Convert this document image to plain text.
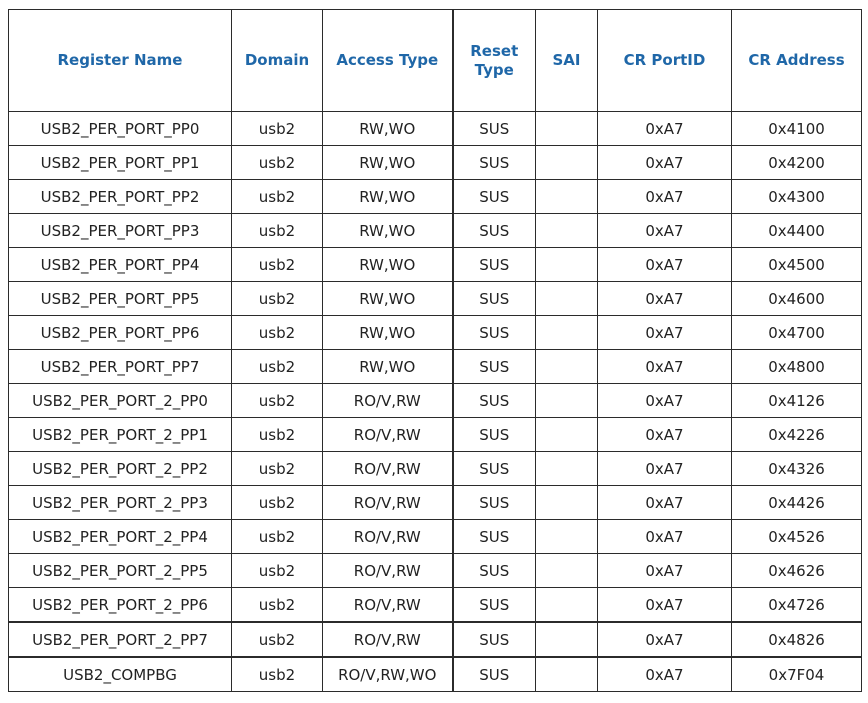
Register Name	Domain	Access Type	Reset Type	SAI	CR PortID	CR Address
USB2_PER_PORT_PP0	usb2	RW,WO	SUS		0xA7	0x4100
USB2_PER_PORT_PP1	usb2	RW,WO	SUS		0xA7	0x4200
USB2_PER_PORT_PP2	usb2	RW,WO	SUS		0xA7	0x4300
USB2_PER_PORT_PP3	usb2	RW,WO	SUS		0xA7	0x4400
USB2_PER_PORT_PP4	usb2	RW,WO	SUS		0xA7	0x4500
USB2_PER_PORT_PP5	usb2	RW,WO	SUS		0xA7	0x4600
USB2_PER_PORT_PP6	usb2	RW,WO	SUS		0xA7	0x4700
USB2_PER_PORT_PP7	usb2	RW,WO	SUS		0xA7	0x4800
USB2_PER_PORT_2_PP0	usb2	RO/V,RW	SUS		0xA7	0x4126
USB2_PER_PORT_2_PP1	usb2	RO/V,RW	SUS		0xA7	0x4226
USB2_PER_PORT_2_PP2	usb2	RO/V,RW	SUS		0xA7	0x4326
USB2_PER_PORT_2_PP3	usb2	RO/V,RW	SUS		0xA7	0x4426
USB2_PER_PORT_2_PP4	usb2	RO/V,RW	SUS		0xA7	0x4526
USB2_PER_PORT_2_PP5	usb2	RO/V,RW	SUS		0xA7	0x4626
USB2_PER_PORT_2_PP6	usb2	RO/V,RW	SUS		0xA7	0x4726
USB2_PER_PORT_2_PP7	usb2	RO/V,RW	SUS		0xA7	0x4826
USB2_COMPBG	usb2	RO/V,RW,WO	SUS		0xA7	0x7F04
